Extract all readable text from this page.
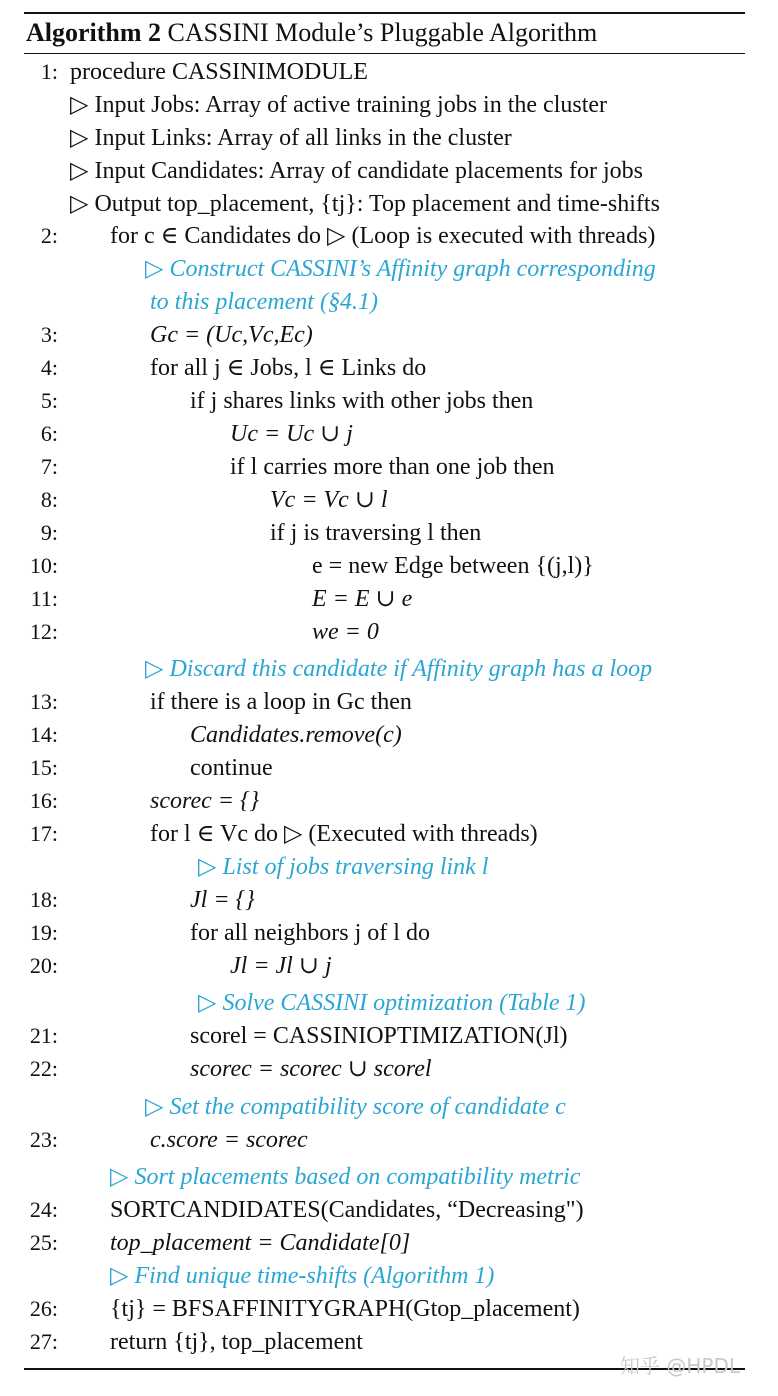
Algorithm 2 CASSINI Module’s Pluggable Algorithm
1: procedure CASSINIMODULE
▷ Input Jobs: Array of active training jobs in the cluster
▷ Input Links: Array of all links in the cluster
▷ Input Candidates: Array of candidate placements for jobs
▷ Output top_placement, {tj}: Top placement and time-shifts
2: for c ∈ Candidates do ▷ (Loop is executed with threads)
▷ Construct CASSINI’s Affinity graph corresponding
to this placement (§4.1)
3:	Gc = (Uc,Vc,Ec)
4:	for all j ∈ Jobs, l ∈ Links do
5:	if j shares links with other jobs then
6:	Uc = Uc ∪ j
7:	if l carries more than one job then
8:	Vc = Vc ∪ l
9:	if j is traversing l then
10:	e = new Edge between {(j,l)}
11:	E = E ∪ e
12:	we = 0
▷ Discard this candidate if Affinity graph has a loop
13:	if there is a loop in Gc then
14:	Candidates.remove(c)
15:	continue
16:	scorec = {}
17:	for l ∈ Vc do ▷ (Executed with threads)
▷ List of jobs traversing link l
18:	Jl = {}
19:	for all neighbors j of l do
20:	Jl = Jl ∪ j
▷ Solve CASSINI optimization (Table 1)
21:	scorel = CASSINIOPTIMIZATION(Jl)
22:	scorec = scorec ∪ scorel
▷ Set the compatibility score of candidate c
23:	c.score = scorec
▷ Sort placements based on compatibility metric
24: SORTCANDIDATES(Candidates, “Decreasing")
25: top_placement = Candidate[0]
▷ Find unique time-shifts (Algorithm 1)
26: {tj} = BFSAFFINITYGRAPH(Gtop_placement)
27: return {tj}, top_placement
知乎 @HPDL
